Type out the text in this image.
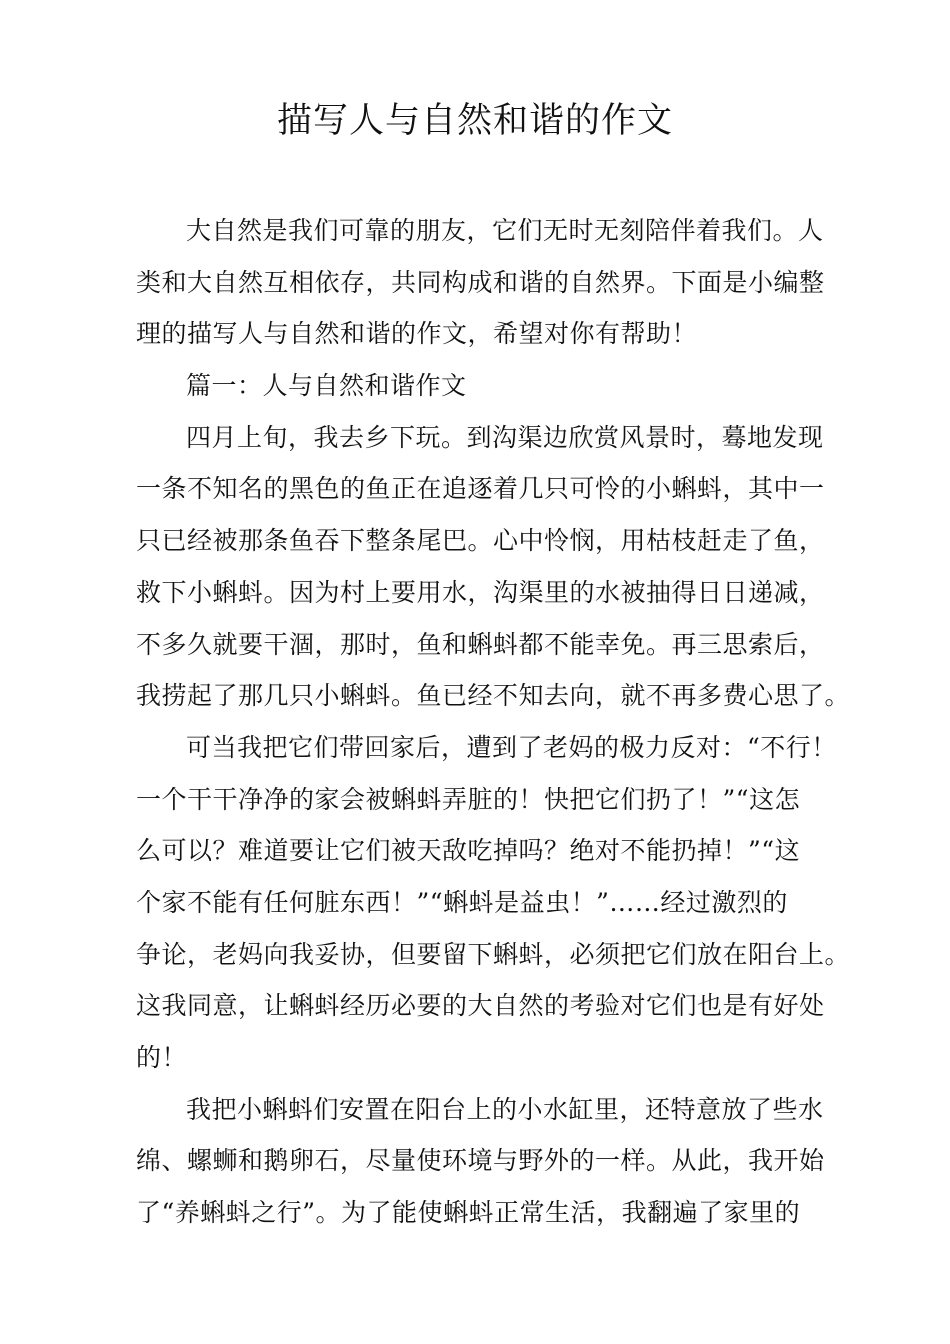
描写人与自然和谐的作文
大自然是我们可靠的朋友，它们无时无刻陪伴着我们。人
类和大自然互相依存，共同构成和谐的自然界。下面是小编整
理的描写人与自然和谐的作文，希望对你有帮助！
篇一：人与自然和谐作文
四月上旬，我去乡下玩。到沟渠边欣赏风景时，蓦地发现
一条不知名的黑色的鱼正在追逐着几只可怜的小蝌蚪，其中一
只已经被那条鱼吞下整条尾巴。心中怜悯，用枯枝赶走了鱼，
救下小蝌蚪。因为村上要用水，沟渠里的水被抽得日日递减，
不多久就要干涸，那时，鱼和蝌蚪都不能幸免。再三思索后，
我捞起了那几只小蝌蚪。鱼已经不知去向，就不再多费心思了。
可当我把它们带回家后，遭到了老妈的极力反对：“不行！
一个干干净净的家会被蝌蚪弄脏的！快把它们扔了！”“这怎
么可以？难道要让它们被天敌吃掉吗？绝对不能扔掉！”“这
个家不能有任何脏东西！”“蝌蚪是益虫！”……经过激烈的
争论，老妈向我妥协，但要留下蝌蚪，必须把它们放在阳台上。
这我同意，让蝌蚪经历必要的大自然的考验对它们也是有好处
的！
我把小蝌蚪们安置在阳台上的小水缸里，还特意放了些水
绵、螺蛳和鹅卵石，尽量使环境与野外的一样。从此，我开始
了“养蝌蚪之行”。为了能使蝌蚪正常生活，我翻遍了家里的
